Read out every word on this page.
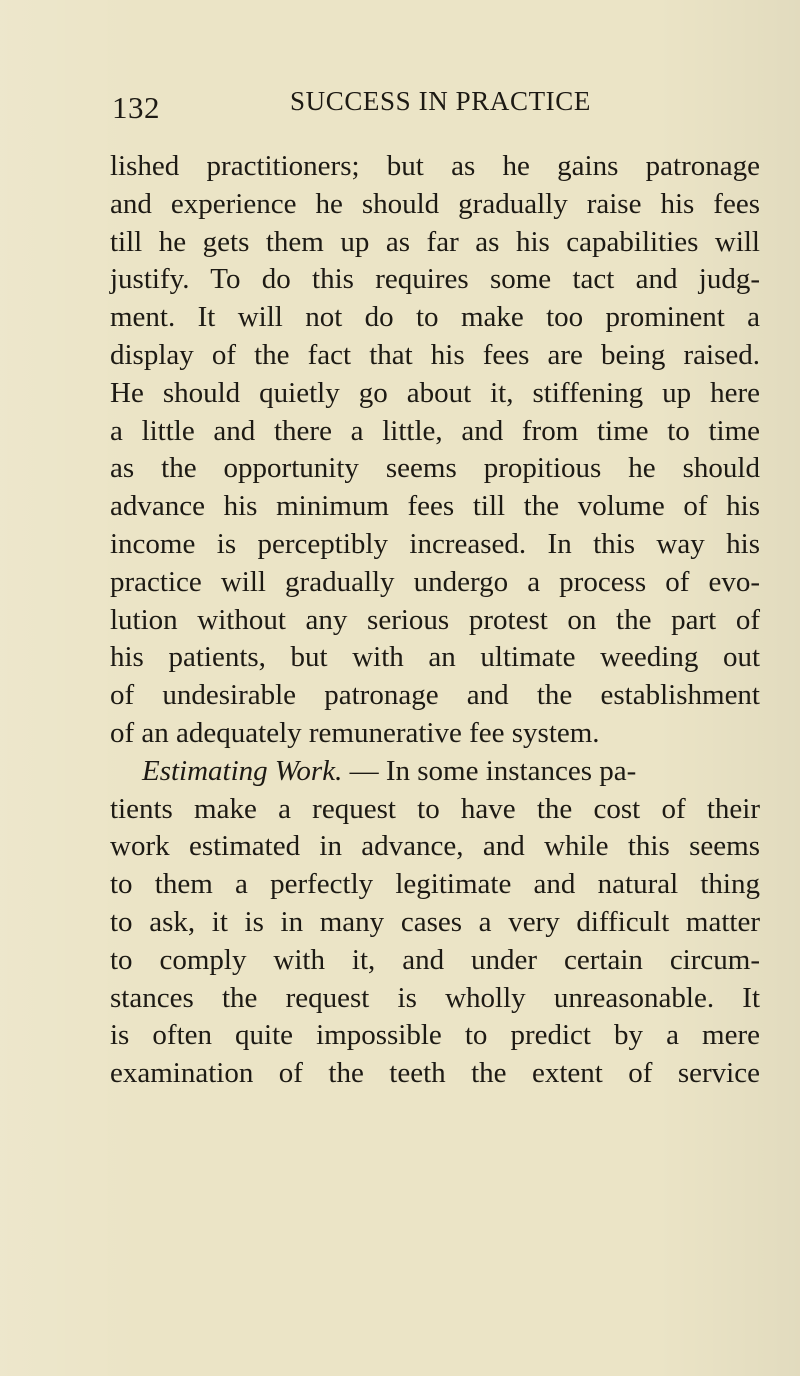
132	SUCCESS IN PRACTICE
lished practitioners; but as he gains patronage
and experience he should gradually raise his fees
till he gets them up as far as his capabilities will
justify. To do this requires some tact and judg-
ment. It will not do to make too prominent a
display of the fact that his fees are being raised.
He should quietly go about it, stiffening up here
a little and there a little, and from time to time
as the opportunity seems propitious he should
advance his minimum fees till the volume of his
income is perceptibly increased. In this way his
practice will gradually undergo a process of evo-
lution without any serious protest on the part of
his patients, but with an ultimate weeding out
of undesirable patronage and the establishment
of an adequately remunerative fee system.
Estimating Work. — In some instances pa-
tients make a request to have the cost of their
work estimated in advance, and while this seems
to them a perfectly legitimate and natural thing
to ask, it is in many cases a very difficult matter
to comply with it, and under certain circum-
stances the request is wholly unreasonable. It
is often quite impossible to predict by a mere
examination of the teeth the extent of service
